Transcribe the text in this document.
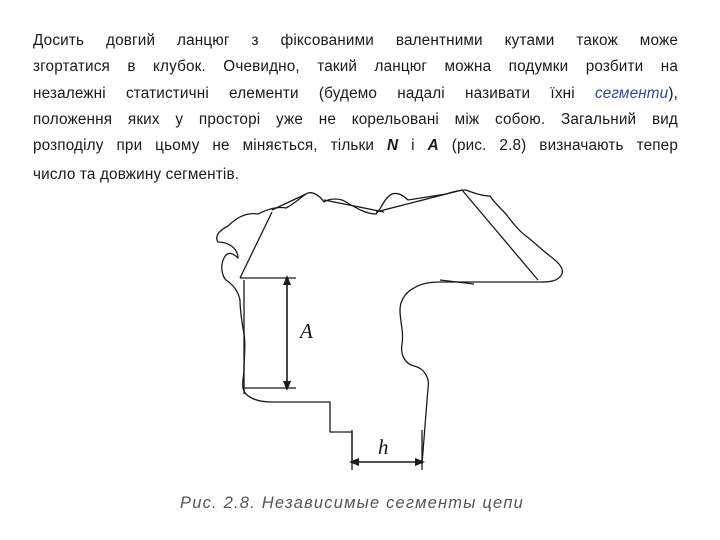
Досить довгий ланцюг з фіксованими валентними кутами також може
згортатися в клубок. Очевидно, такий ланцюг можна подумки розбити на
незалежні статистичні елементи (будемо надалі називати їхні сегменти),
положення яких у просторі уже не корельовані між собою. Загальний вид
розподілу при цьому не міняється, тільки N і A (рис. 2.8) визначають тепер
число та довжину сегментів.
A
h
Рис. 2.8. Независимые сегменты цепи
